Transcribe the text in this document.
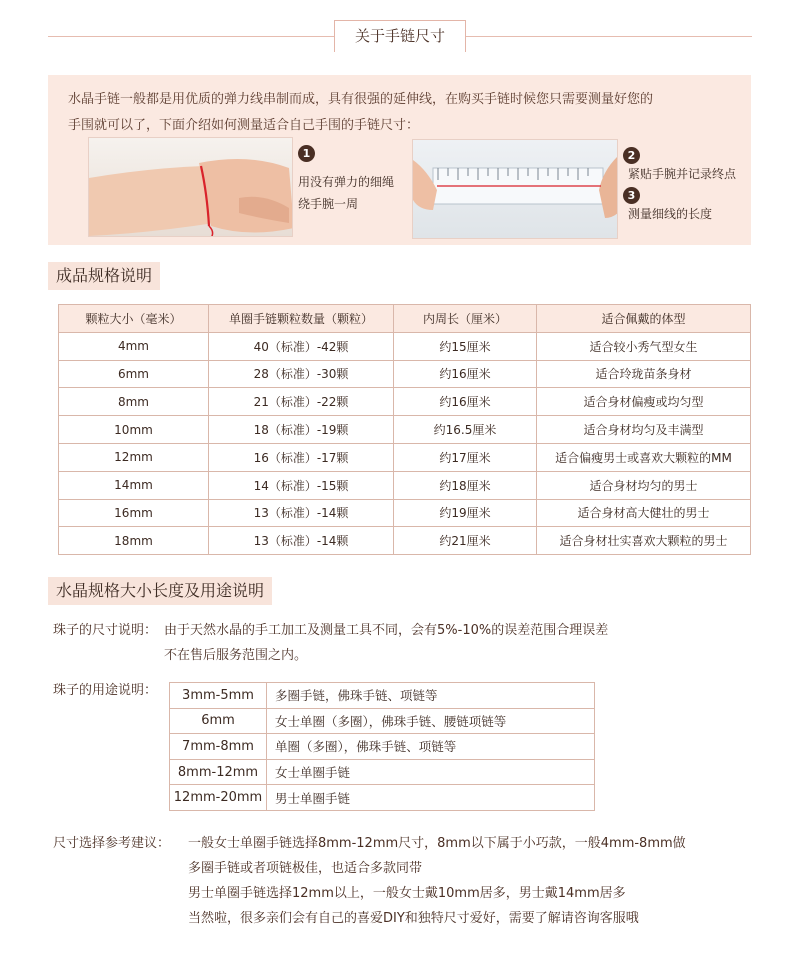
关于手链尺寸
水晶手链一般都是用优质的弹力线串制而成，具有很强的延伸线，在购买手链时候您只需要测量好您的
手围就可以了，下面介绍如何测量适合自己手围的手链尺寸：
1
用没有弹力的细绳
绕手腕一周
2
紧贴手腕并记录终点
3
测量细线的长度
成品规格说明
颗粒大小（毫米）	单圈手链颗粒数量（颗粒）	内周长（厘米）	适合佩戴的体型
4mm	40（标准）-42颗	约15厘米	适合较小秀气型女生
6mm	28（标准）-30颗	约16厘米	适合玲珑苗条身材
8mm	21（标准）-22颗	约16厘米	适合身材偏瘦或均匀型
10mm	18（标准）-19颗	约16.5厘米	适合身材均匀及丰满型
12mm	16（标准）-17颗	约17厘米	适合偏瘦男士或喜欢大颗粒的MM
14mm	14（标准）-15颗	约18厘米	适合身材均匀的男士
16mm	13（标准）-14颗	约19厘米	适合身材高大健壮的男士
18mm	13（标准）-14颗	约21厘米	适合身材壮实喜欢大颗粒的男士
水晶规格大小长度及用途说明
珠子的尺寸说明： 由于天然水晶的手工加工及测量工具不同，会有5%-10%的误差范围合理误差
不在售后服务范围之内。
珠子的用途说明： 3mm-5mm	多圈手链，佛珠手链、项链等
6mm	女士单圈（多圈），佛珠手链、腰链项链等
7mm-8mm	单圈（多圈），佛珠手链、项链等
8mm-12mm	女士单圈手链
12mm-20mm	男士单圈手链
尺寸选择参考建议： 一般女士单圈手链选择8mm-12mm尺寸，8mm以下属于小巧款，一般4mm-8mm做
多圈手链或者项链极佳，也适合多款同带
男士单圈手链选择12mm以上，一般女士戴10mm居多，男士戴14mm居多
当然啦，很多亲们会有自己的喜爱DIY和独特尺寸爱好，需要了解请咨询客服哦
